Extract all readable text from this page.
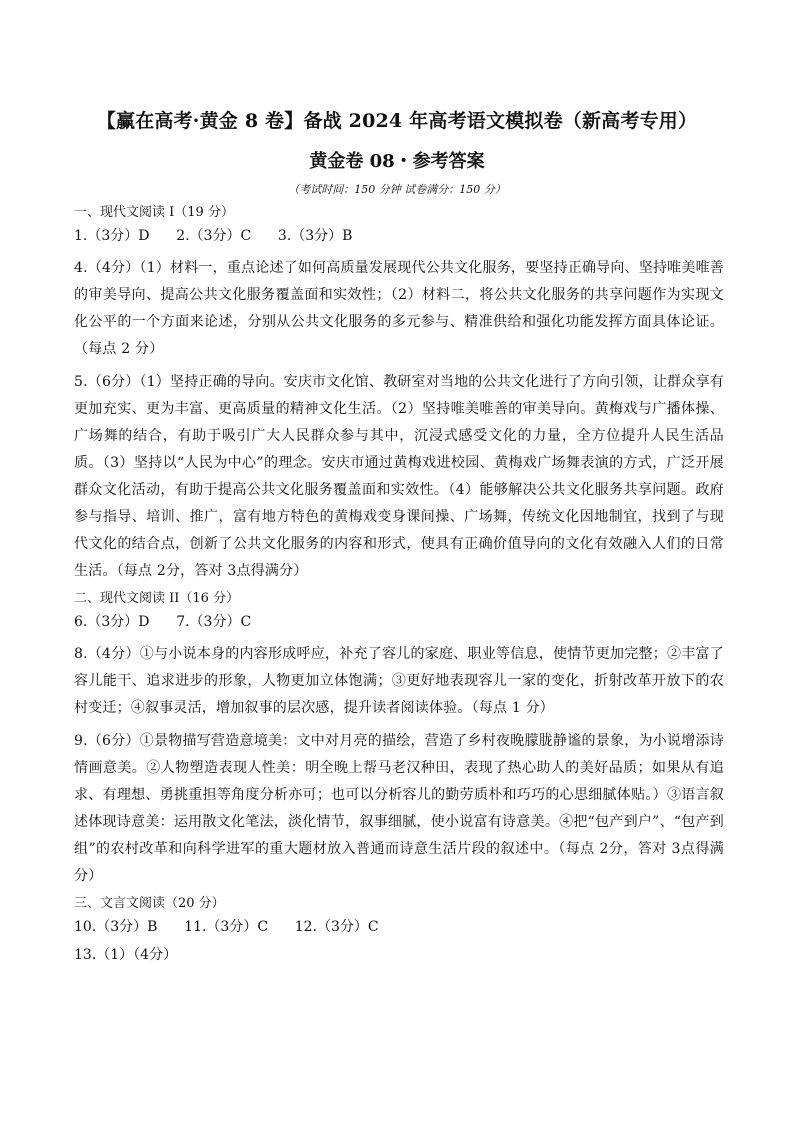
【赢在高考·黄金 8 卷】备战 2024 年高考语文模拟卷（新高考专用）
黄金卷 08・参考答案
（考试时间：150 分钟 试卷满分：150 分）
一、现代文阅读 I（19 分）
1.（3分）D      2.（3分）C      3.（3分）B
4.（4分）（1）材料一，重点论述了如何高质量发展现代公共文化服务，要坚持正确导向、坚持唯美唯善的审美导向、提高公共文化服务覆盖面和实效性；（2）材料二，将公共文化服务的共享问题作为实现文化公平的一个方面来论述，分别从公共文化服务的多元参与、精准供给和强化功能发挥方面具体论证。（每点 2 分）
5.（6分）（1）坚持正确的导向。安庆市文化馆、教研室对当地的公共文化进行了方向引领，让群众享有更加充实、更为丰富、更高质量的精神文化生活。（2）坚持唯美唯善的审美导向。黄梅戏与广播体操、广场舞的结合，有助于吸引广大人民群众参与其中，沉浸式感受文化的力量，全方位提升人民生活品质。（3）坚持以“人民为中心”的理念。安庆市通过黄梅戏进校园、黄梅戏广场舞表演的方式，广泛开展群众文化活动，有助于提高公共文化服务覆盖面和实效性。（4）能够解决公共文化服务共享问题。政府参与指导、培训、推广，富有地方特色的黄梅戏变身课间操、广场舞，传统文化因地制宜，找到了与现代文化的结合点，创新了公共文化服务的内容和形式，使具有正确价值导向的文化有效融入人们的日常生活。（每点 2分，答对 3点得满分）
二、现代文阅读 II（16 分）
6.（3分）D      7.（3分）C
8.（4分）①与小说本身的内容形成呼应，补充了容儿的家庭、职业等信息，使情节更加完整；②丰富了容儿能干、追求进步的形象，人物更加立体饱满；③更好地表现容儿一家的变化，折射改革开放下的农村变迁；④叙事灵活，增加叙事的层次感，提升读者阅读体验。（每点 1 分）
9.（6分）①景物描写营造意境美：文中对月亮的描绘，营造了乡村夜晚朦胧静谧的景象，为小说增添诗情画意美。②人物塑造表现人性美：明全晚上帮马老汉种田，表现了热心助人的美好品质；如果从有追求、有理想、勇挑重担等角度分析亦可；也可以分析容儿的勤劳质朴和巧巧的心思细腻体贴。）③语言叙述体现诗意美：运用散文化笔法，淡化情节，叙事细腻，使小说富有诗意美。④把“包产到户”、“包产到组”的农村改革和向科学进军的重大题材放入普通而诗意生活片段的叙述中。（每点 2分，答对 3点得满分）
三、文言文阅读（20 分）
10.（3分）B      11.（3分）C      12.（3分）C
13.（1）（4分）
